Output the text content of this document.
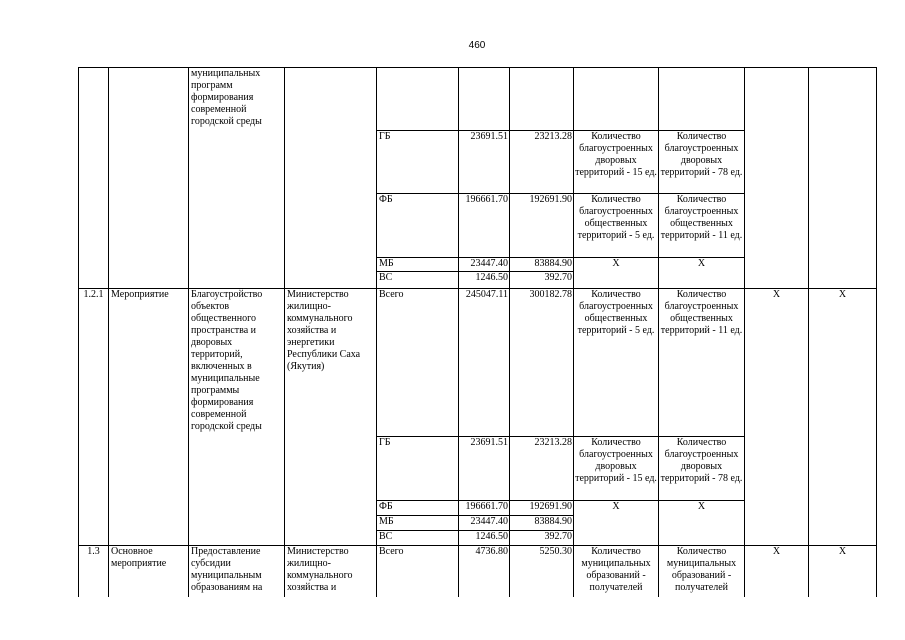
460
		муниципальных программ формирования современной городской среды								
				ГБ	23691.51	23213.28	Количество благоустроенных дворовых территорий - 15 ед.	Количество благоустроенных дворовых территорий - 78 ед.		
				ФБ	196661.70	192691.90	Количество благоустроенных общественных территорий - 5 ед.	Количество благоустроенных общественных территорий - 11 ед.		
				МБ	23447.40	83884.90	X	X		
				ВС	1246.50	392.70				
1.2.1	Мероприятие	Благоустройство объектов общественного пространства и дворовых территорий, включенных в муниципальные программы формирования современной городской среды	Министерство жилищно-коммунального хозяйства и энергетики Республики Саха (Якутия)	Всего	245047.11	300182.78	Количество благоустроенных общественных территорий - 5 ед.	Количество благоустроенных общественных территорий - 11 ед.	X	X
				ГБ	23691.51	23213.28	Количество благоустроенных дворовых территорий - 15 ед.	Количество благоустроенных дворовых территорий - 78 ед.		
				ФБ	196661.70	192691.90	X	X		
				МБ	23447.40	83884.90				
				ВС	1246.50	392.70				
1.3	Основное мероприятие	Предоставление субсидии муниципальным образованиям на	Министерство жилищно-коммунального хозяйства и	Всего	4736.80	5250.30	Количество муниципальных образований - получателей	Количество муниципальных образований - получателей	X	X
